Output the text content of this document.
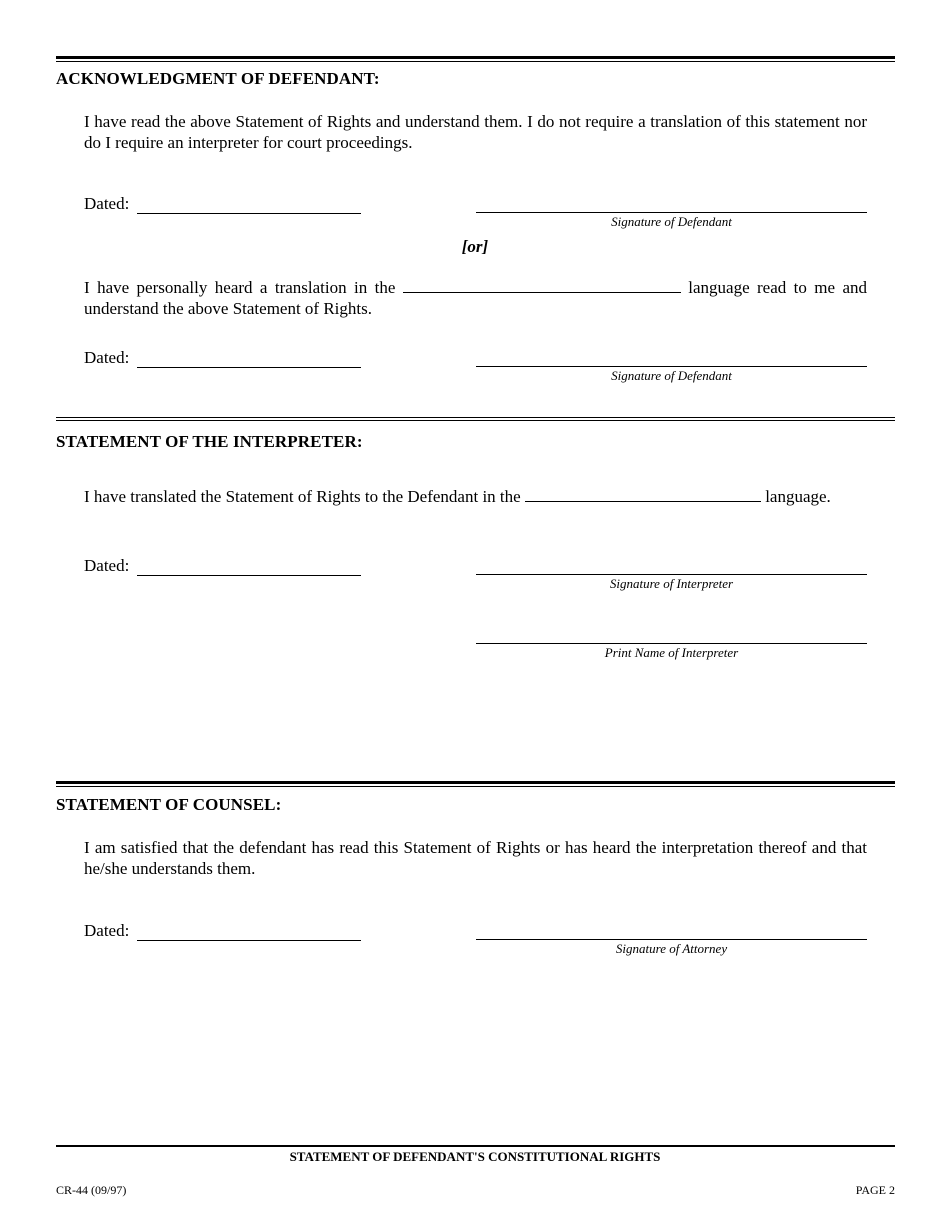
ACKNOWLEDGMENT OF DEFENDANT:
I have read the above Statement of Rights and understand them. I do not require a translation of this statement nor do I require an interpreter for court proceedings.
Dated:
Signature of Defendant
[or]
I have personally heard a translation in the	language read to me and understand the above Statement of Rights.
Dated:
Signature of Defendant
STATEMENT OF THE INTERPRETER:
I have translated the Statement of Rights to the Defendant in the	language.
Dated:
Signature of Interpreter
Print Name of Interpreter
STATEMENT OF COUNSEL:
I am satisfied that the defendant has read this Statement of Rights or has heard the interpretation thereof and that he/she understands them.
Dated:
Signature of Attorney
STATEMENT OF DEFENDANT'S CONSTITUTIONAL RIGHTS
CR-44 (09/97)	PAGE 2
